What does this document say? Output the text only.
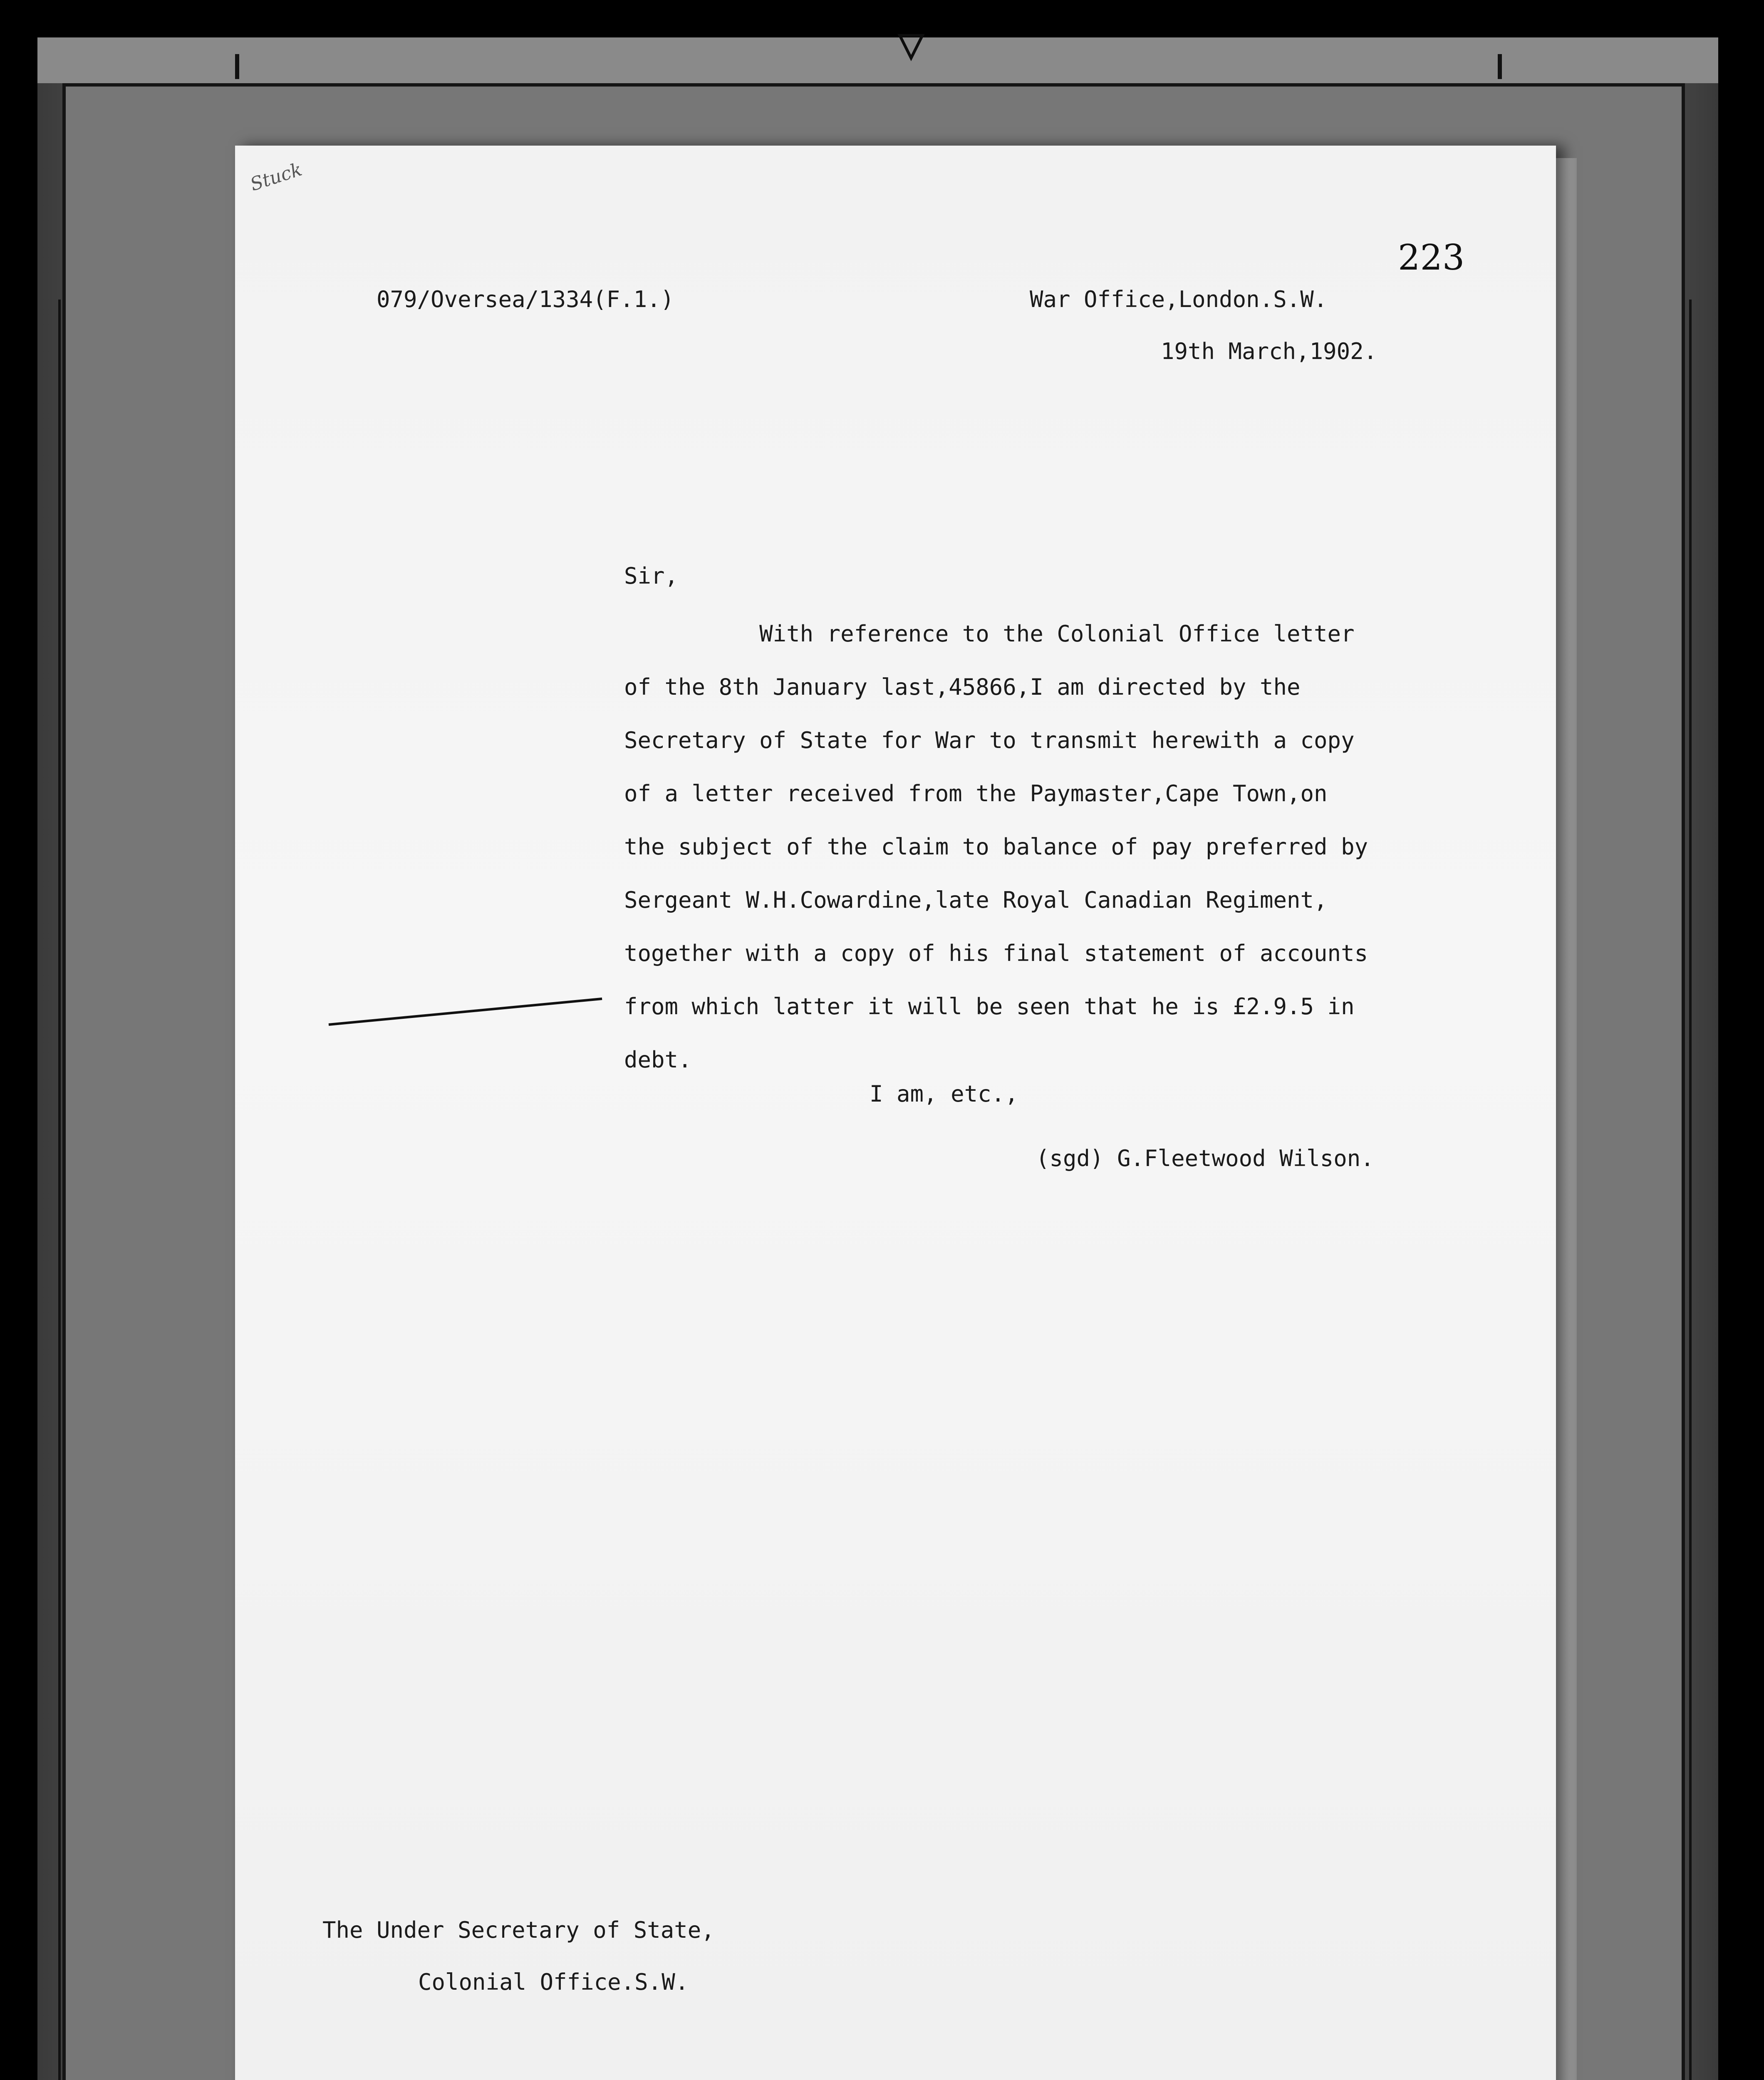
▽
Stuck
223
079/Oversea/1334(F.1.)	War Office,London.S.W.
19th March,1902.
Sir,
With reference to the Colonial Office letter
of the 8th January last,45866,I am directed by the
Secretary of State for War to transmit herewith a copy
of a letter received from the Paymaster,Cape Town,on
the subject of the claim to balance of pay preferred by
Sergeant W.H.Cowardine,late Royal Canadian Regiment,
together with a copy of his final statement of accounts
from which latter it will be seen that he is £2.9.5 in
debt.
I am, etc.,
(sgd) G.Fleetwood Wilson.
The Under Secretary of State,
Colonial Office.S.W.
